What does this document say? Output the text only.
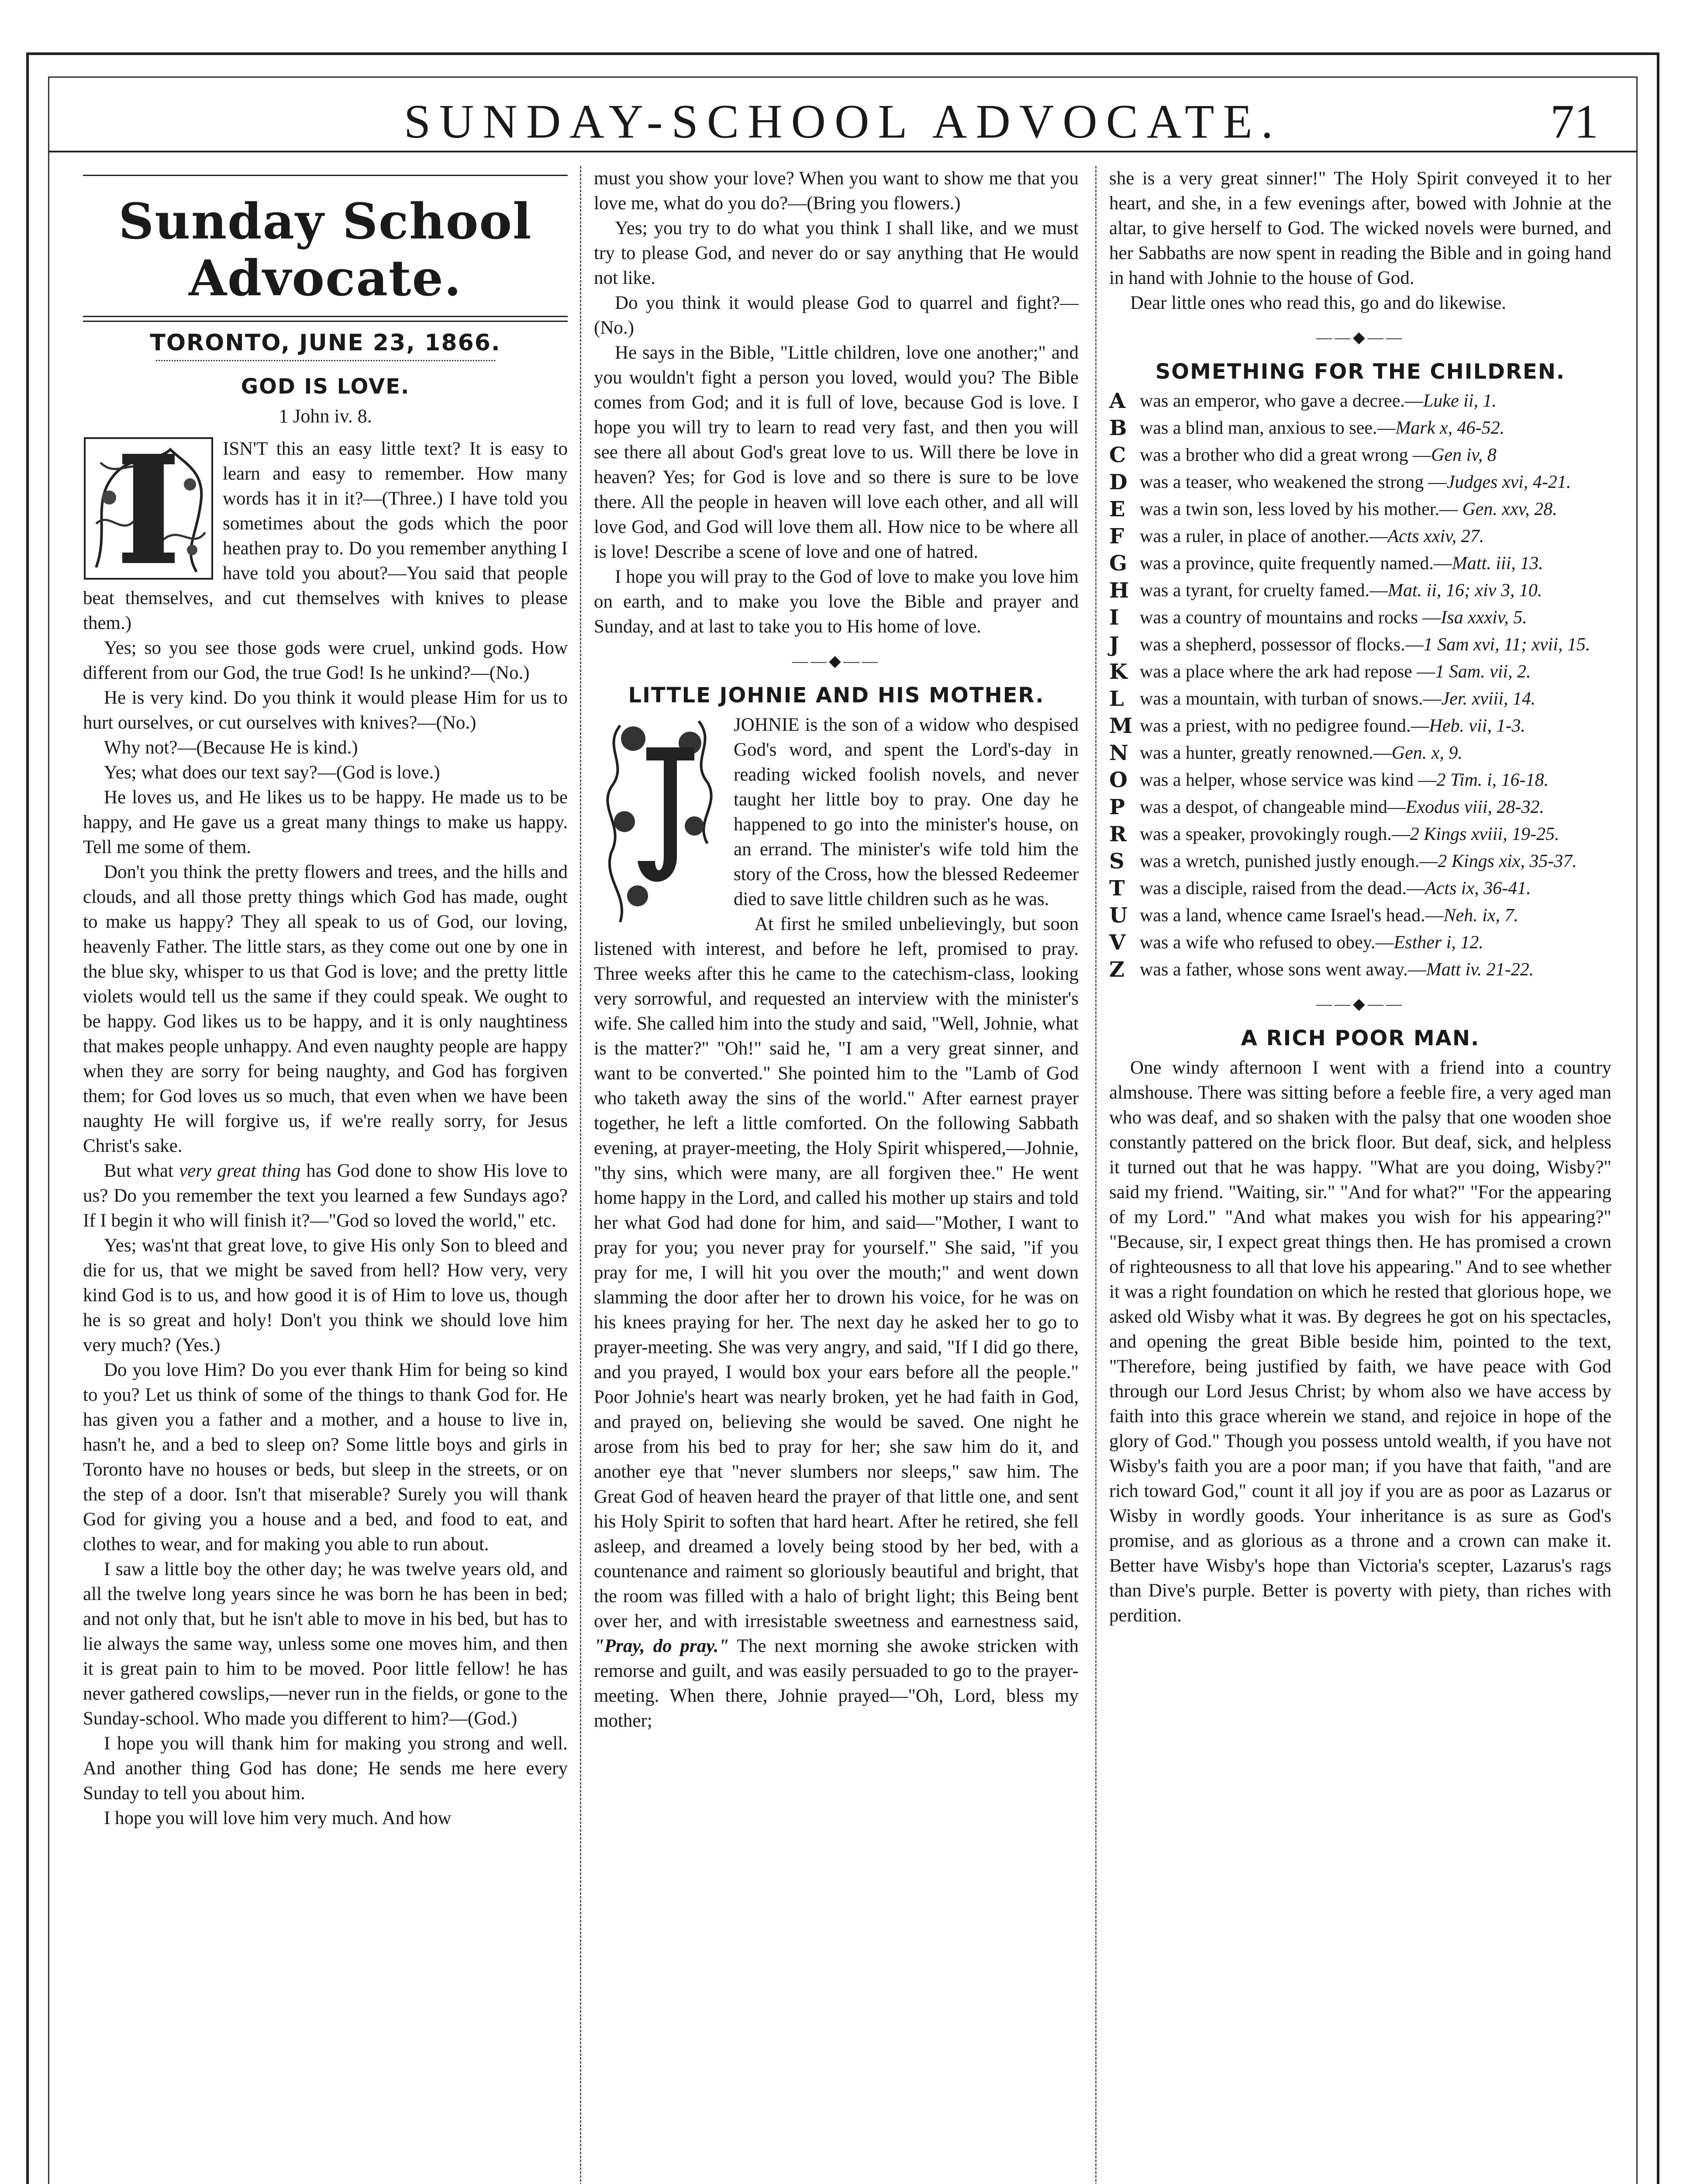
SUNDAY-SCHOOL ADVOCATE.	71
Sunday School Advocate.
TORONTO, JUNE 23, 1866.
GOD IS LOVE.
1 John iv. 8.

ISN'T this an easy little text? It is easy to learn and easy to remember. How many words has it in it?—(Three.) I have told you sometimes about the gods which the poor heathen pray to. Do you remember anything I have told you about?—You said that people beat themselves, and cut themselves with knives to please them.)

Yes; so you see those gods were cruel, unkind gods. How different from our God, the true God! Is he unkind?—(No.)

He is very kind. Do you think it would please Him for us to hurt ourselves, or cut ourselves with knives?—(No.)

Why not?—(Because He is kind.)

Yes; what does our text say?—(God is love.)

He loves us, and He likes us to be happy. He made us to be happy, and He gave us a great many things to make us happy. Tell me some of them.

Don't you think the pretty flowers and trees, and the hills and clouds, and all those pretty things which God has made, ought to make us happy? They all speak to us of God, our loving, heavenly Father. The little stars, as they come out one by one in the blue sky, whisper to us that God is love; and the pretty little violets would tell us the same if they could speak. We ought to be happy. God likes us to be happy, and it is only naughtiness that makes people unhappy. And even naughty people are happy when they are sorry for being naughty, and God has forgiven them; for God loves us so much, that even when we have been naughty He will forgive us, if we're really sorry, for Jesus Christ's sake.

But what very great thing has God done to show His love to us? Do you remember the text you learned a few Sundays ago? If I begin it who will finish it?—"God so loved the world," etc.

Yes; was'nt that great love, to give His only Son to bleed and die for us, that we might be saved from hell? How very, very kind God is to us, and how good it is of Him to love us, though he is so great and holy! Don't you think we should love him very much? (Yes.)

Do you love Him? Do you ever thank Him for being so kind to you? Let us think of some of the things to thank God for. He has given you a father and a mother, and a house to live in, hasn't he, and a bed to sleep on? Some little boys and girls in Toronto have no houses or beds, but sleep in the streets, or on the step of a door. Isn't that miserable? Surely you will thank God for giving you a house and a bed, and food to eat, and clothes to wear, and for making you able to run about.

I saw a little boy the other day; he was twelve years old, and all the twelve long years since he was born he has been in bed; and not only that, but he isn't able to move in his bed, but has to lie always the same way, unless some one moves him, and then it is great pain to him to be moved. Poor little fellow! he has never gathered cowslips,—never run in the fields, or gone to the Sunday-school. Who made you different to him?—(God.)

I hope you will thank him for making you strong and well. And another thing God has done; He sends me here every Sunday to tell you about him.

I hope you will love him very much. And how

must you show your love? When you want to show me that you love me, what do you do?—(Bring you flowers.)

Yes; you try to do what you think I shall like, and we must try to please God, and never do or say anything that He would not like.

Do you think it would please God to quarrel and fight?—(No.)

He says in the Bible, "Little children, love one another;" and you wouldn't fight a person you loved, would you? The Bible comes from God; and it is full of love, because God is love. I hope you will try to learn to read very fast, and then you will see there all about God's great love to us. Will there be love in heaven? Yes; for God is love and so there is sure to be love there. All the people in heaven will love each other, and all will love God, and God will love them all. How nice to be where all is love! Describe a scene of love and one of hatred.

I hope you will pray to the God of love to make you love him on earth, and to make you love the Bible and prayer and Sunday, and at last to take you to His home of love.

——◆——
LITTLE JOHNIE AND HIS MOTHER.

JOHNIE is the son of a widow who despised God's word, and spent the Lord's-day in reading wicked foolish novels, and never taught her little boy to pray. One day he happened to go into the minister's house, on an errand. The minister's wife told him the story of the Cross, how the blessed Redeemer died to save little children such as he was.

At first he smiled unbelievingly, but soon listened with interest, and before he left, promised to pray. Three weeks after this he came to the catechism-class, looking very sorrowful, and requested an interview with the minister's wife. She called him into the study and said, "Well, Johnie, what is the matter?" "Oh!" said he, "I am a very great sinner, and want to be converted." She pointed him to the "Lamb of God who taketh away the sins of the world." After earnest prayer together, he left a little comforted. On the following Sabbath evening, at prayer-meeting, the Holy Spirit whispered,—Johnie, "thy sins, which were many, are all forgiven thee." He went home happy in the Lord, and called his mother up stairs and told her what God had done for him, and said—"Mother, I want to pray for you; you never pray for yourself." She said, "if you pray for me, I will hit you over the mouth;" and went down slamming the door after her to drown his voice, for he was on his knees praying for her. The next day he asked her to go to prayer-meeting. She was very angry, and said, "If I did go there, and you prayed, I would box your ears before all the people." Poor Johnie's heart was nearly broken, yet he had faith in God, and prayed on, believing she would be saved. One night he arose from his bed to pray for her; she saw him do it, and another eye that "never slumbers nor sleeps," saw him. The Great God of heaven heard the prayer of that little one, and sent his Holy Spirit to soften that hard heart. After he retired, she fell asleep, and dreamed a lovely being stood by her bed, with a countenance and raiment so gloriously beautiful and bright, that the room was filled with a halo of bright light; this Being bent over her, and with irresistable sweetness and earnestness said, "Pray, do pray." The next morning she awoke stricken with remorse and guilt, and was easily persuaded to go to the prayer-meeting. When there, Johnie prayed—"Oh, Lord, bless my mother;

she is a very great sinner!" The Holy Spirit conveyed it to her heart, and she, in a few evenings after, bowed with Johnie at the altar, to give herself to God. The wicked novels were burned, and her Sabbaths are now spent in reading the Bible and in going hand in hand with Johnie to the house of God.

Dear little ones who read this, go and do likewise.

——◆——
SOMETHING FOR THE CHILDREN.
A was an emperor, who gave a decree.—Luke ii, 1.
B was a blind man, anxious to see.—Mark x, 46-52.
C was a brother who did a great wrong —Gen iv, 8
D was a teaser, who weakened the strong —Judges xvi, 4-21.
E was a twin son, less loved by his mother.— Gen. xxv, 28.
F was a ruler, in place of another.—Acts xxiv, 27.
G was a province, quite frequently named.—Matt. iii, 13.
H was a tyrant, for cruelty famed.—Mat. ii, 16; xiv 3, 10.
I	was a country of mountains and rocks —Isa xxxiv, 5.
J	was a shepherd, possessor of flocks.—1 Sam xvi, 11; xvii, 15.
K was a place where the ark had repose —1 Sam. vii, 2.
L was a mountain, with turban of snows.—Jer. xviii, 14.
M was a priest, with no pedigree found.—Heb. vii, 1-3.
N was a hunter, greatly renowned.—Gen. x, 9.
O was a helper, whose service was kind —2 Tim. i, 16-18.
P was a despot, of changeable mind—Exodus viii, 28-32.
R was a speaker, provokingly rough.—2 Kings xviii, 19-25.
S was a wretch, punished justly enough.—2 Kings xix, 35-37.
T was a disciple, raised from the dead.—Acts ix, 36-41.
U was a land, whence came Israel's head.—Neh. ix, 7.
V was a wife who refused to obey.—Esther i, 12.
Z was a father, whose sons went away.—Matt iv. 21-22.
——◆——
A RICH POOR MAN.

One windy afternoon I went with a friend into a country almshouse. There was sitting before a feeble fire, a very aged man who was deaf, and so shaken with the palsy that one wooden shoe constantly pattered on the brick floor. But deaf, sick, and helpless it turned out that he was happy. "What are you doing, Wisby?" said my friend. "Waiting, sir." "And for what?" "For the appearing of my Lord." "And what makes you wish for his appearing?" "Because, sir, I expect great things then. He has promised a crown of righteousness to all that love his appearing." And to see whether it was a right foundation on which he rested that glorious hope, we asked old Wisby what it was. By degrees he got on his spectacles, and opening the great Bible beside him, pointed to the text, "Therefore, being justified by faith, we have peace with God through our Lord Jesus Christ; by whom also we have access by faith into this grace wherein we stand, and rejoice in hope of the glory of God." Though you possess untold wealth, if you have not Wisby's faith you are a poor man; if you have that faith, "and are rich toward God," count it all joy if you are as poor as Lazarus or Wisby in wordly goods. Your inheritance is as sure as God's promise, and as glorious as a throne and a crown can make it. Better have Wisby's hope than Victoria's scepter, Lazarus's rags than Dive's purple. Better is poverty with piety, than riches with perdition.
